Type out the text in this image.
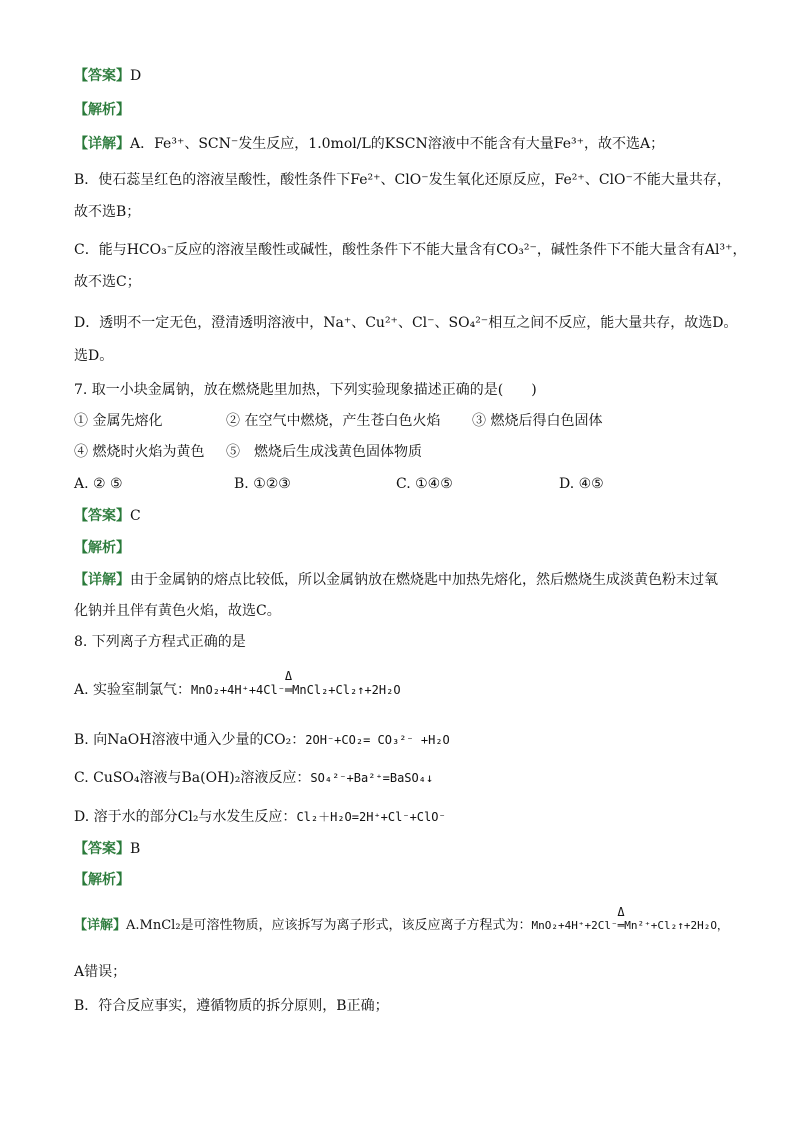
【答案】D
【解析】
【详解】A．Fe³⁺、SCN⁻发生反应，1.0mol/L的KSCN溶液中不能含有大量Fe³⁺，故不选A；
B．使石蕊呈红色的溶液呈酸性，酸性条件下Fe²⁺、ClO⁻发生氧化还原反应，Fe²⁺、ClO⁻不能大量共存，
故不选B；
C．能与HCO₃⁻反应的溶液呈酸性或碱性，酸性条件下不能大量含有CO₃²⁻，碱性条件下不能大量含有Al³⁺，
故不选C；
D．透明不一定无色，澄清透明溶液中，Na⁺、Cu²⁺、Cl⁻、SO₄²⁻相互之间不反应，能大量共存，故选D。
选D。
7. 取一小块金属钠，放在燃烧匙里加热，下列实验现象描述正确的是(　　)
① 金属先熔化	② 在空气中燃烧，产生苍白色火焰 ③ 燃烧后得白色固体
④ 燃烧时火焰为黄色 ⑤　燃烧后生成浅黄色固体物质
A. ② ⑤	B. ①②③	C. ①④⑤	D. ④⑤
【答案】C
【解析】
【详解】由于金属钠的熔点比较低，所以金属钠放在燃烧匙中加热先熔化，然后燃烧生成淡黄色粉末过氧
化钠并且伴有黄色火焰，故选C。
8. 下列离子方程式正确的是
A. 实验室制氯气：MnO₂+4H⁺+4Cl⁻
Δ
═MnCl₂+Cl₂↑+2H₂O
B. 向NaOH溶液中通入少量的CO₂：2OH⁻+CO₂= CO₃²⁻ +H₂O
C. CuSO₄溶液与Ba(OH)₂溶液反应：SO₄²⁻+Ba²⁺=BaSO₄↓
D. 溶于水的部分Cl₂与水发生反应：Cl₂＋H₂O=2H⁺+Cl⁻+ClO⁻
【答案】B
【解析】
【详解】A.MnCl₂是可溶性物质，应该拆写为离子形式，该反应离子方程式为：MnO₂+4H⁺+2Cl⁻
Δ
═Mn²⁺+Cl₂↑+2H₂O，
A错误；
B．符合反应事实，遵循物质的拆分原则，B正确；
